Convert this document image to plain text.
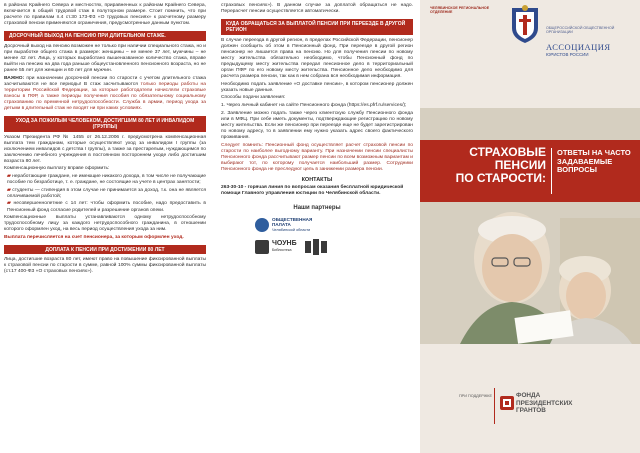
в районах Крайнего Севера и местностях, приравненных к районам Крайнего Севера, включается в общий трудовой стаж в полуторном размере. Стоит помнить, что при расчете по правилам п.4 ст.30 173-ФЗ «О трудовых пенсиях» к расчетному размеру страховой пенсии применяются ограничения, предусмотренные данным пунктом.

ДОСРОЧНЫЙ ВЫХОД НА ПЕНСИЮ ПРИ ДЛИТЕЛЬНОМ СТАЖЕ.

Досрочный выход на пенсию возможен не только при наличии специального стажа, но и при выработке общего стажа в размере: женщины – не менее 37 лет, мужчины – не менее 42 лет. Лица, у которых выработано вышеназванное количество стажа, вправе выйти на пенсию на два года раньше общеустановленного пенсионного возраста, но не ранее 55 лет для женщин и 60 лет для мужчин.

ВАЖНО: при назначении досрочной пенсии по старости с учетом длительного стажа засчитываются не все периоды! В стаж засчитываются только периоды работы на территории Российской Федерации, за которые работодатели начисляли страховые взносы в ПФР, а также периоды получения пособия по обязательному социальному страхованию по временной нетрудоспособности. Служба в армии, период ухода за детьми в длительный стаж не входят ни при каких условиях.

УХОД ЗА ПОЖИЛЫМ ЧЕЛОВЕКОМ, ДОСТИГШИМ 80 ЛЕТ И ИНВАЛИДОМ (ГРУППЫ)

Указом Президента РФ № 1455 от 26.12.2006 г. предусмотрена компенсационная выплата тем гражданам, которые осуществляют уход за инвалидом I группы (за исключением инвалидов с детства I группы), а также за престарелым, нуждающимся по заключению лечебного учреждения в постоянном постороннем уходе либо достигшим возраста 80 лет.

Компенсационную выплату вправе оформить:

▰ неработающие граждане, не имеющие никакого дохода, в том числе не получающие пособие по безработице, т. е. граждане, не состоящие на учете в центрах занятости;
▰ студенты — стипендия в этом случае не принимается за доход, т.к. она не является оплачиваемой работой;
▰ несовершеннолетние с 14 лет: чтобы оформить пособие, надо предоставить в Пенсионный фонд согласие родителей и разрешение органов опеки.

Компенсационные выплаты устанавливаются одному нетрудоспособному трудоспособному лицу за каждого нетрудоспособного гражданина, в отношении которого оформлен уход, на весь период осуществления ухода за ним.

Выплата перечисляется на счет пенсионера, за которым оформлен уход.

ДОПЛАТА К ПЕНСИИ ПРИ ДОСТИЖЕНИИ 80 ЛЕТ

Лица, достигшие возраста 80 лет, имеют право на повышение фиксированной выплаты к страховой пенсии по старости в сумме, равной 100% суммы фиксированной выплаты (ст.17 400-ФЗ «О страховых пенсиях»).

страховых пенсиях»). В данном случае за доплатой обращаться не надо. Перерасчет пенсии осуществляется автоматически.

КУДА ОБРАЩАТЬСЯ ЗА ВЫПЛАТОЙ ПЕНСИИ ПРИ ПЕРЕЕЗДЕ В ДРУГОЙ РЕГИОН

В случае переезда в другой регион, в пределах Российской Федерации, пенсионер должен сообщить об этом в Пенсионный фонд. При переезде в другой регион пенсионер не лишается права на пенсию. Но для получения пенсии по новому месту жительства обязательно необходимо, чтобы Пенсионный фонд по предыдущему месту жительства передал пенсионное дело в территориальный орган ПФР по его новому месту жительства. Пенсионное дело необходимо для расчета размера пенсии, так как в нем собрана вся необходимая информация.

Необходимо подать заявление «О доставке пенсии», в котором пенсионер должен указать новые данные.

Способы подачи заявления:

1. Через личный кабинет на сайте Пенсионного фонда (https://es.pfrf.ru/services/);

2. Заявление можно подать также через клиентскую службу Пенсионного фонда или в МФЦ. При себе иметь документы, подтверждающие регистрацию по новому месту жительства. Если же пенсионер при переезде еще не будет зарегистрирован по новому адресу, то в заявлении ему нужно указать адрес своего фактического проживания.

Следует помнить: Пенсионный фонд осуществляет расчет страховой пенсии по старости по наиболее выгодному варианту. При назначении пенсии специалисты Пенсионного фонда рассчитывают размер пенсии по всем возможным вариантам и выбирают тот, по которому получается наибольший размер. Сотрудники Пенсионного фонда не преследуют цель в занижении размера пенсии.

КОНТАКТЫ
263-30-10 - горячая линия по вопросам оказания бесплатной юридической помощи Главного управления юстиции по Челябинской области.
Наши партнеры
ОБЩЕСТВЕННАЯ
ПАЛАТА
Челябинской области
ЧОУНБ
Библиотека
ЧЕЛЯБИНСКОЕ РЕГИОНАЛЬНОЕ ОТДЕЛЕНИЕ
ОБЩЕРОССИЙСКОЙ ОБЩЕСТВЕННОЙ ОРГАНИЗАЦИИ
АССОЦИАЦИЯ
ЮРИСТОВ РОССИИ
СТРАХОВЫЕ
ПЕНСИИ
ПО СТАРОСТИ:
ОТВЕТЫ НА ЧАСТО ЗАДАВАЕМЫЕ ВОПРОСЫ
ПРИ ПОДДЕРЖКЕ	ФОНДА
ПРЕЗИДЕНТСКИХ
ГРАНТОВ
